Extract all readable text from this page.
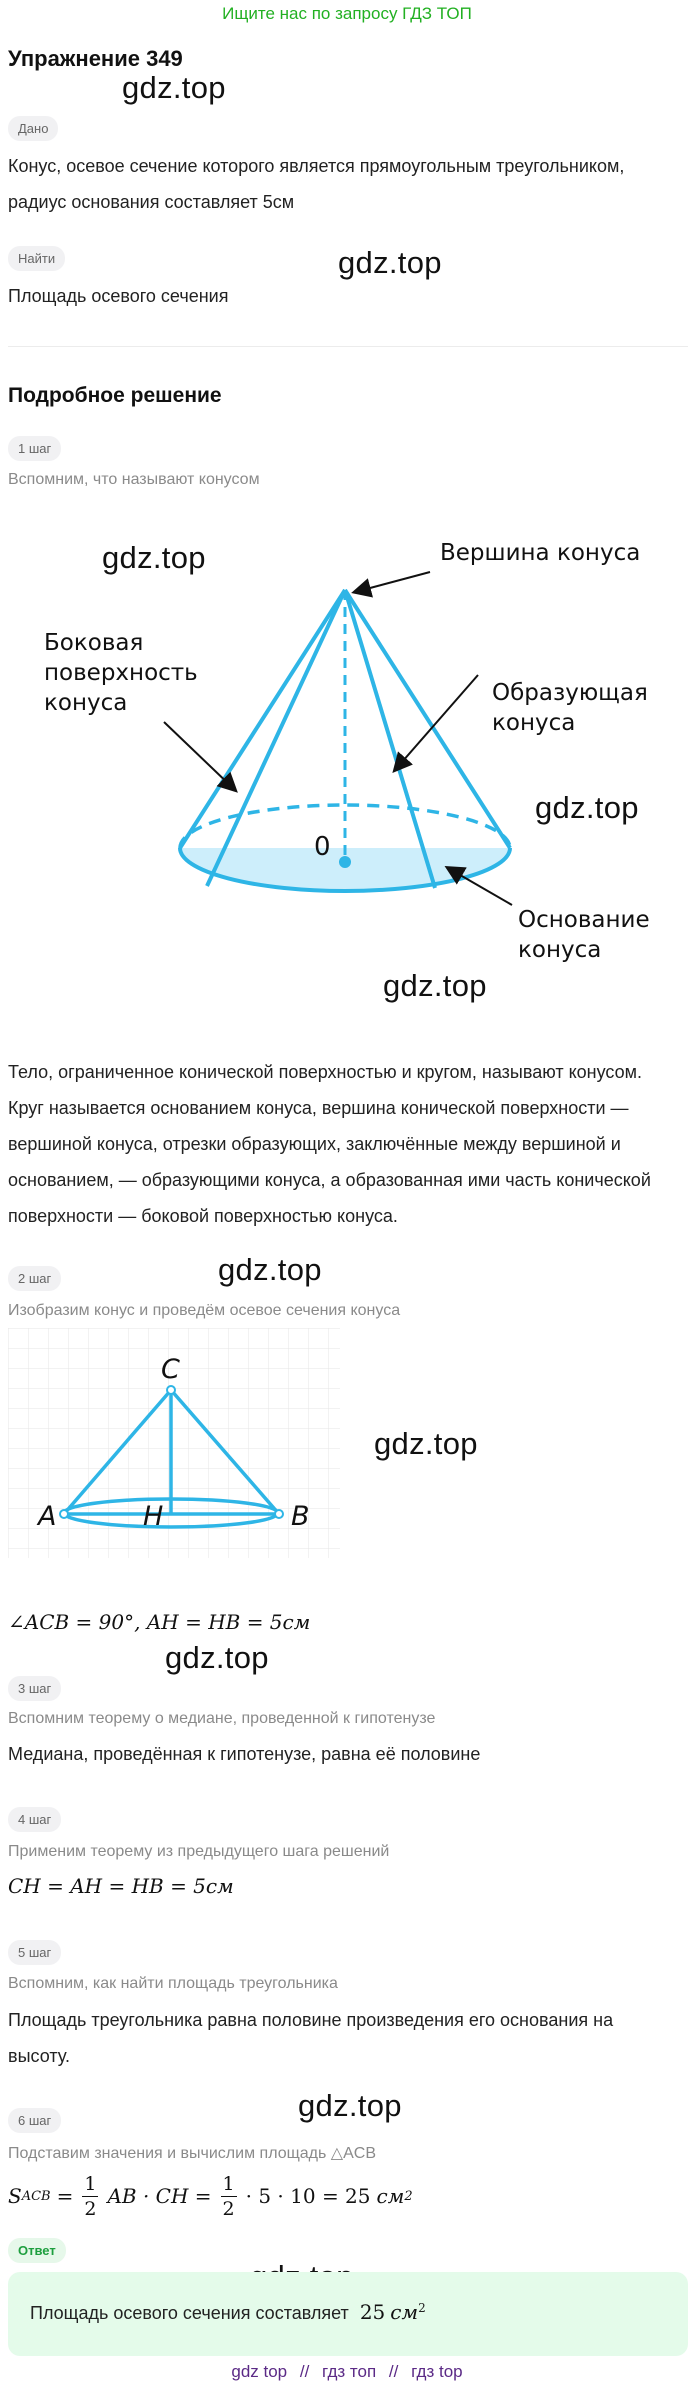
Ищите нас по запросу ГДЗ ТОП
Упражнение 349
gdz.top
gdz.top
gdz.top
gdz.top
gdz.top
gdz.top
gdz.top
gdz.top
gdz.top
Дано
Конус, осевое сечение которого является прямоугольным треугольником,
радиус основания составляет 5см
Найти
Площадь осевого сечения
Подробное решение
1 шаг
Вспомним, что называют конусом
Вершина конуса
Боковая
поверхность
конуса	Образующая
конуса
0
Основание
конуса
Тело, ограниченное конической поверхностью и кругом, называют конусом.
Круг называется основанием конуса, вершина конической поверхности —
вершиной конуса, отрезки образующих, заключённые между вершиной и
основанием, — образующими конуса, а образованная ими часть конической
поверхности — боковой поверхностью конуса.
2 шаг
Изобразим конус и проведём осевое сечения конуса
C
A	H	B
∠ACB = 90°, AH = HB = 5см
3 шаг
Вспомним теорему о медиане, проведенной к гипотенузе
Медиана, проведённая к гипотенузе, равна её половине
4 шаг
Применим теорему из предыдущего шага решений
CH = AH = HB = 5см
5 шаг
Вспомним, как найти площадь треугольника
Площадь треугольника равна половине произведения его основания на
высоту.
6 шаг
Подставим значения и вычислим площадь △ACB
S ACB = $\frac{1}{2}$ AB · CH = $\frac{1}{2} \cdot 5 \cdot 10 = 25$ см 2
Ответ
Площадь осевого сечения составляет 25 $см^2$
gdz top // гдз топ // гдз top
